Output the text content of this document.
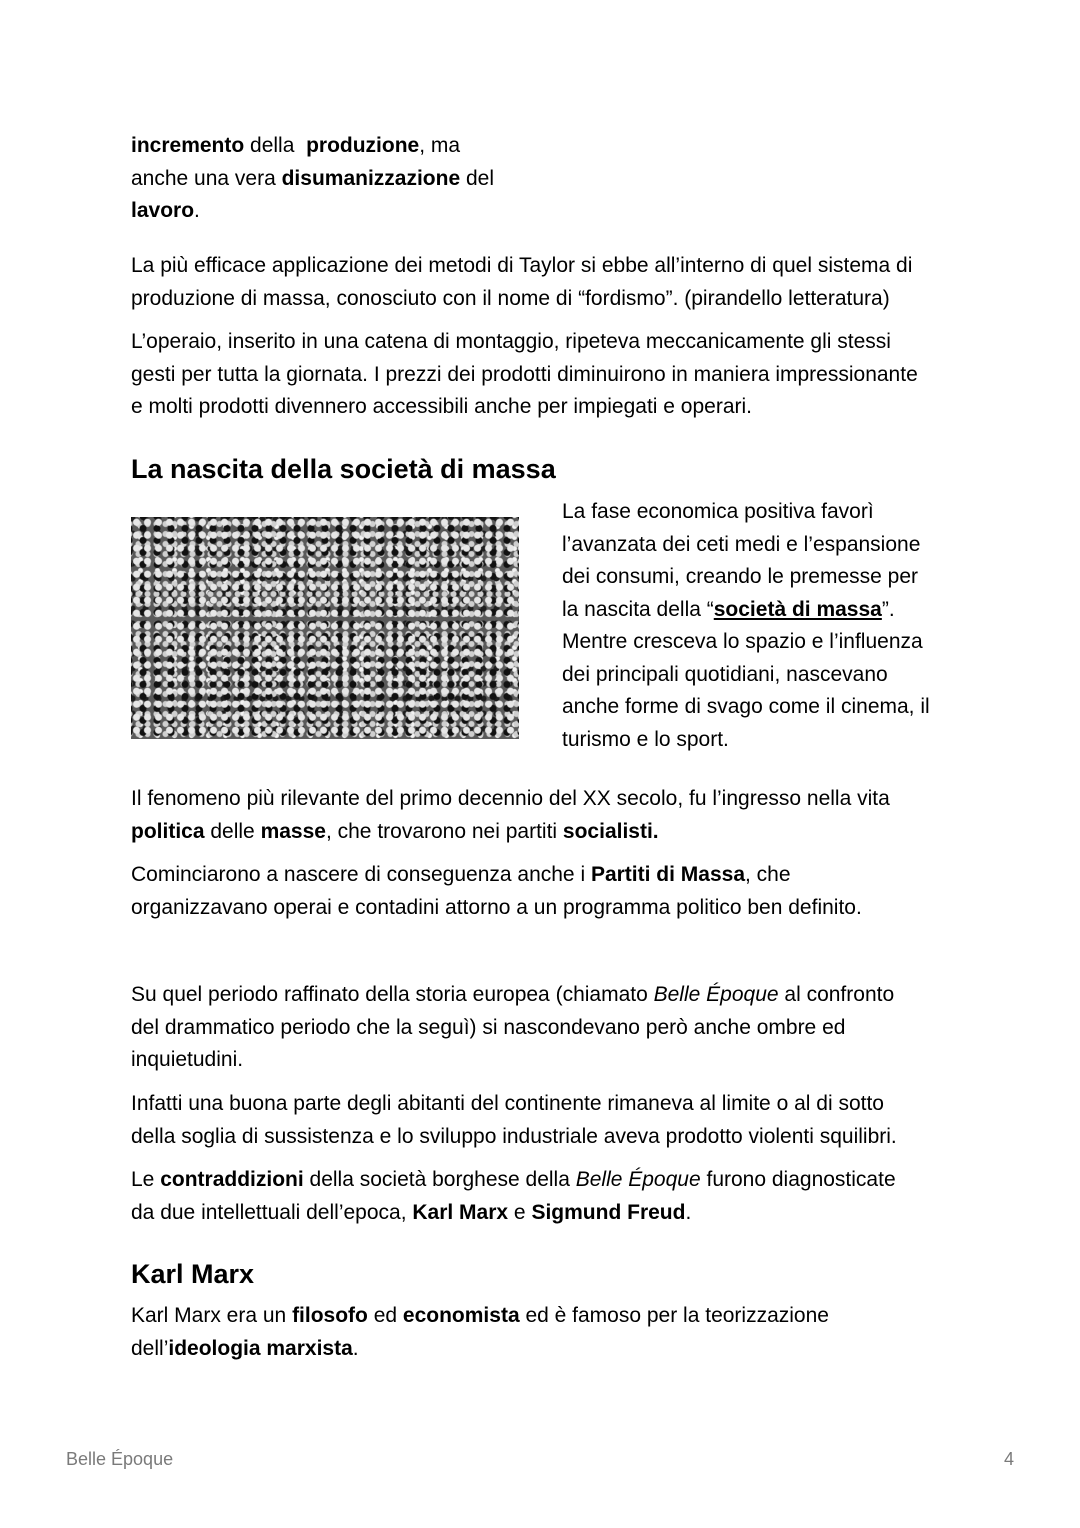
incremento della  produzione, ma

anche una vera disumanizzazione del

lavoro.

La più efficace applicazione dei metodi di Taylor si ebbe all’interno di quel sistema di

produzione di massa, conosciuto con il nome di “fordismo”. (pirandello letteratura)

L’operaio, inserito in una catena di montaggio, ripeteva meccanicamente gli stessi

gesti per tutta la giornata. I prezzi dei prodotti diminuirono in maniera impressionante

e molti prodotti divennero accessibili anche per impiegati e operari.

La nascita della società di massa

La fase economica positiva favorì

l’avanzata dei ceti medi e l’espansione

dei consumi, creando le premesse per

la nascita della “società di massa”.

Mentre cresceva lo spazio e l’influenza

dei principali quotidiani, nascevano

anche forme di svago come il cinema, il

turismo e lo sport.

Il fenomeno più rilevante del primo decennio del XX secolo, fu l’ingresso nella vita

politica delle masse, che trovarono nei partiti socialisti.

Cominciarono a nascere di conseguenza anche i Partiti di Massa, che

organizzavano operai e contadini attorno a un programma politico ben definito.

Su quel periodo raffinato della storia europea (chiamato Belle Époque al confronto

del drammatico periodo che la seguì) si nascondevano però anche ombre ed

inquietudini.

Infatti una buona parte degli abitanti del continente rimaneva al limite o al di sotto

della soglia di sussistenza e lo sviluppo industriale aveva prodotto violenti squilibri.

Le contraddizioni della società borghese della Belle Époque furono diagnosticate

da due intellettuali dell’epoca, Karl Marx e Sigmund Freud.

Karl Marx

Karl Marx era un filosofo ed economista ed è famoso per la teorizzazione

dell’ideologia marxista.

Belle Époque	4
